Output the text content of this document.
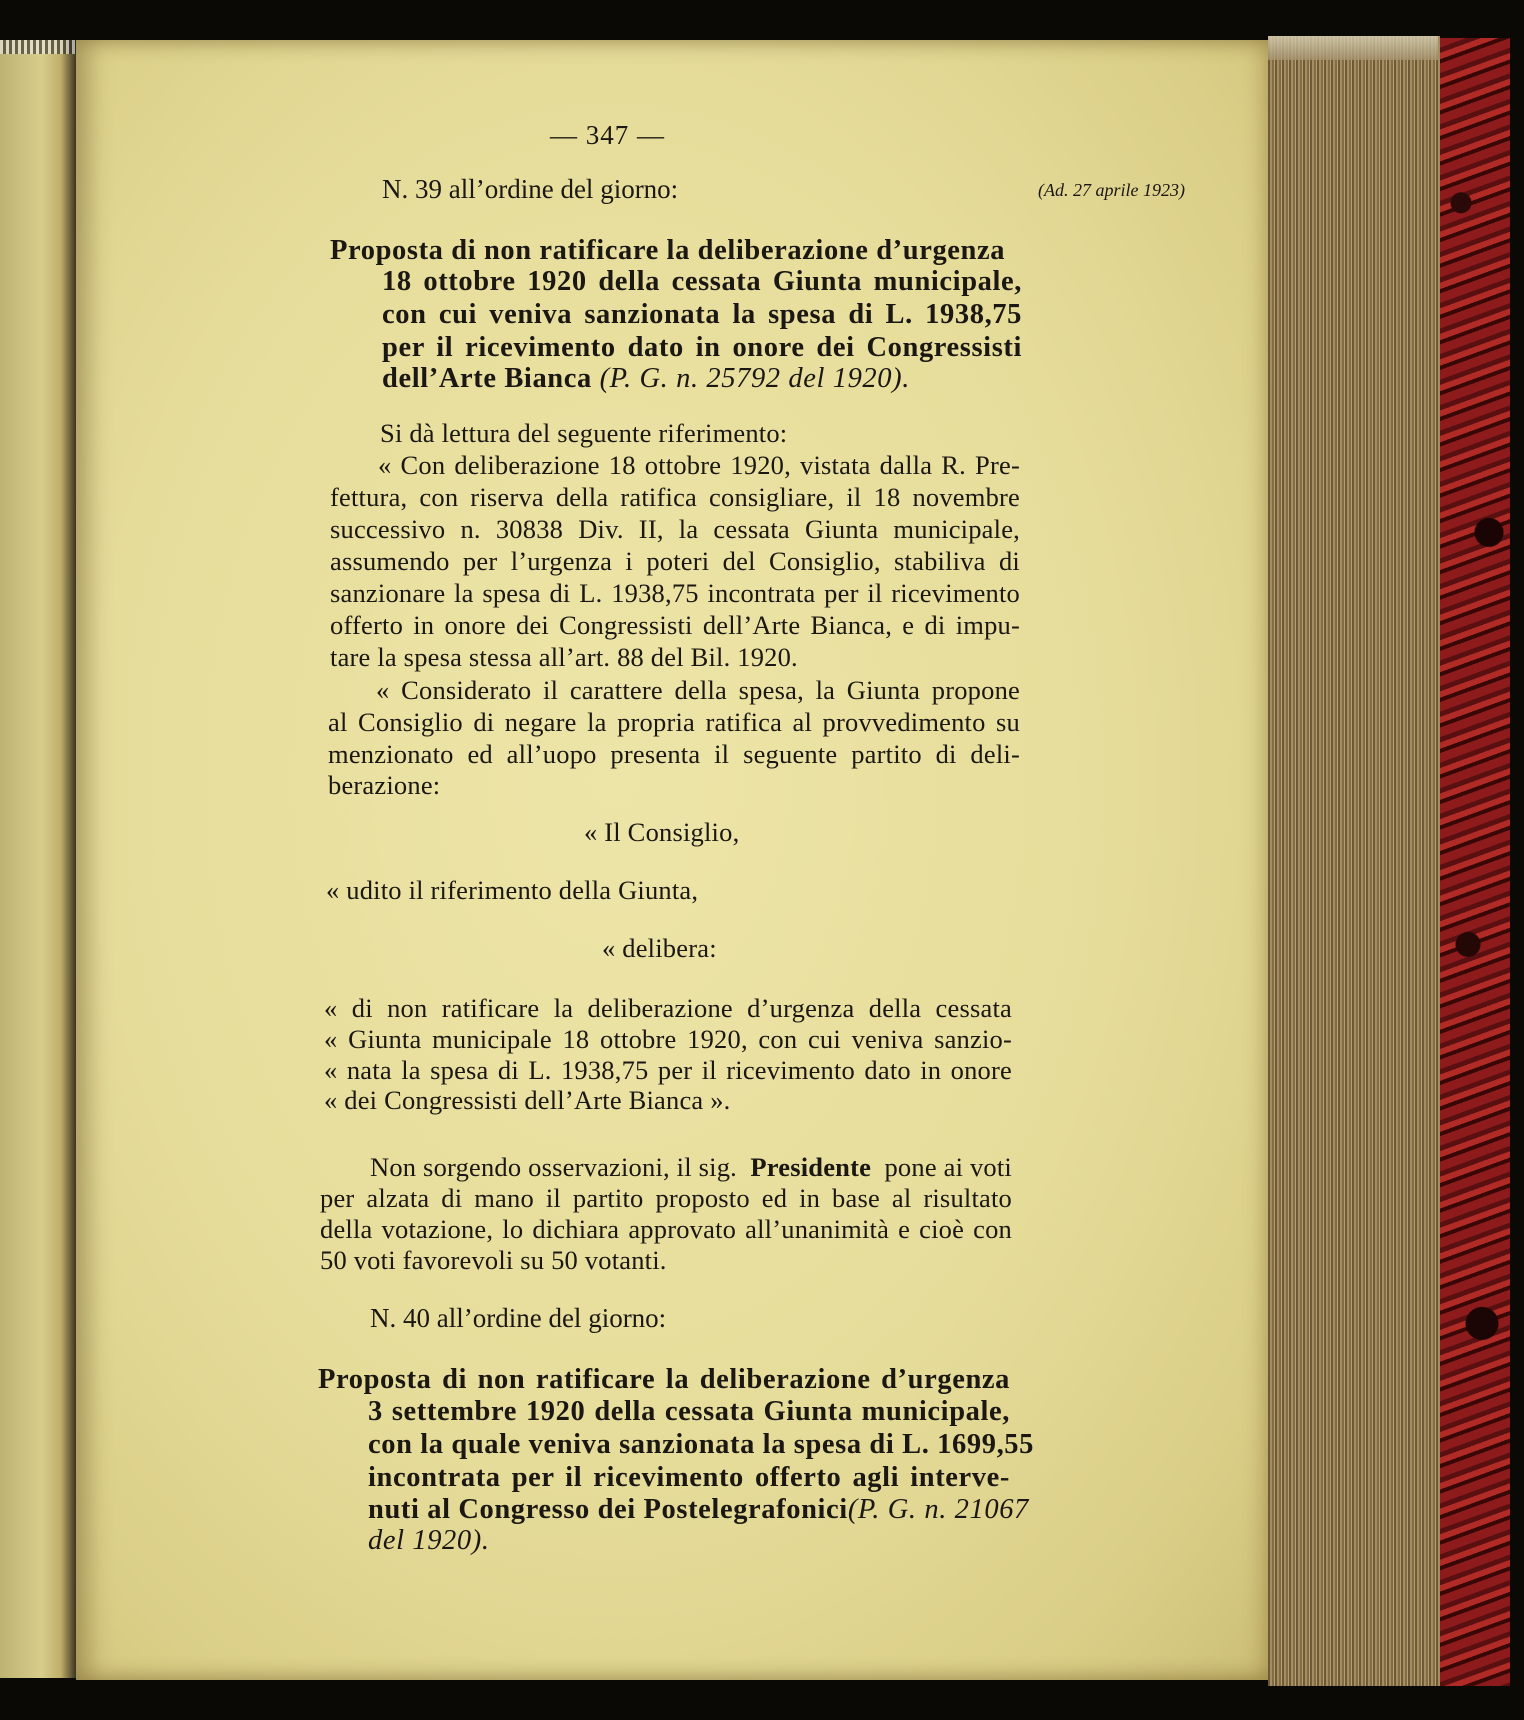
— 347 —

(Ad. 27 aprile 1923)

N. 39 all’ordine del giorno:

Proposta di non ratificare la deliberazione d’urgenza
18 ottobre 1920 della cessata Giunta municipale,
con cui veniva sanzionata la spesa di L. 1938,75
per il ricevimento dato in onore dei Congressisti
dell’Arte Bianca (P. G. n. 25792 del 1920).

Si dà lettura del seguente riferimento:

« Con deliberazione 18 ottobre 1920, vistata dalla R. Pre-
fettura, con riserva della ratifica consigliare, il 18 novembre
successivo n. 30838 Div. II, la cessata Giunta municipale,
assumendo per l’urgenza i poteri del Consiglio, stabiliva di
sanzionare la spesa di L. 1938,75 incontrata per il ricevimento
offerto in onore dei Congressisti dell’Arte Bianca, e di impu-
tare la spesa stessa all’art. 88 del Bil. 1920.
« Considerato il carattere della spesa, la Giunta propone
al Consiglio di negare la propria ratifica al provvedimento su
menzionato ed all’uopo presenta il seguente partito di deli-
berazione:

« Il Consiglio,

« udito il riferimento della Giunta,

« delibera:

« di non ratificare la deliberazione d’urgenza della cessata
« Giunta municipale 18 ottobre 1920, con cui veniva sanzio-
« nata la spesa di L. 1938,75 per il ricevimento dato in onore
« dei Congressisti dell’Arte Bianca ».
Non sorgendo osservazioni, il sig. Presidente pone ai voti
per alzata di mano il partito proposto ed in base al risultato
della votazione, lo dichiara approvato all’unanimità e cioè con
50 voti favorevoli su 50 votanti.

N. 40 all’ordine del giorno:

Proposta di non ratificare la deliberazione d’urgenza
3 settembre 1920 della cessata Giunta municipale,
con la quale veniva sanzionata la spesa di L. 1699,55
incontrata per il ricevimento offerto agli interve-
nuti al Congresso dei Postelegrafonici (P. G. n. 21067
del 1920).
